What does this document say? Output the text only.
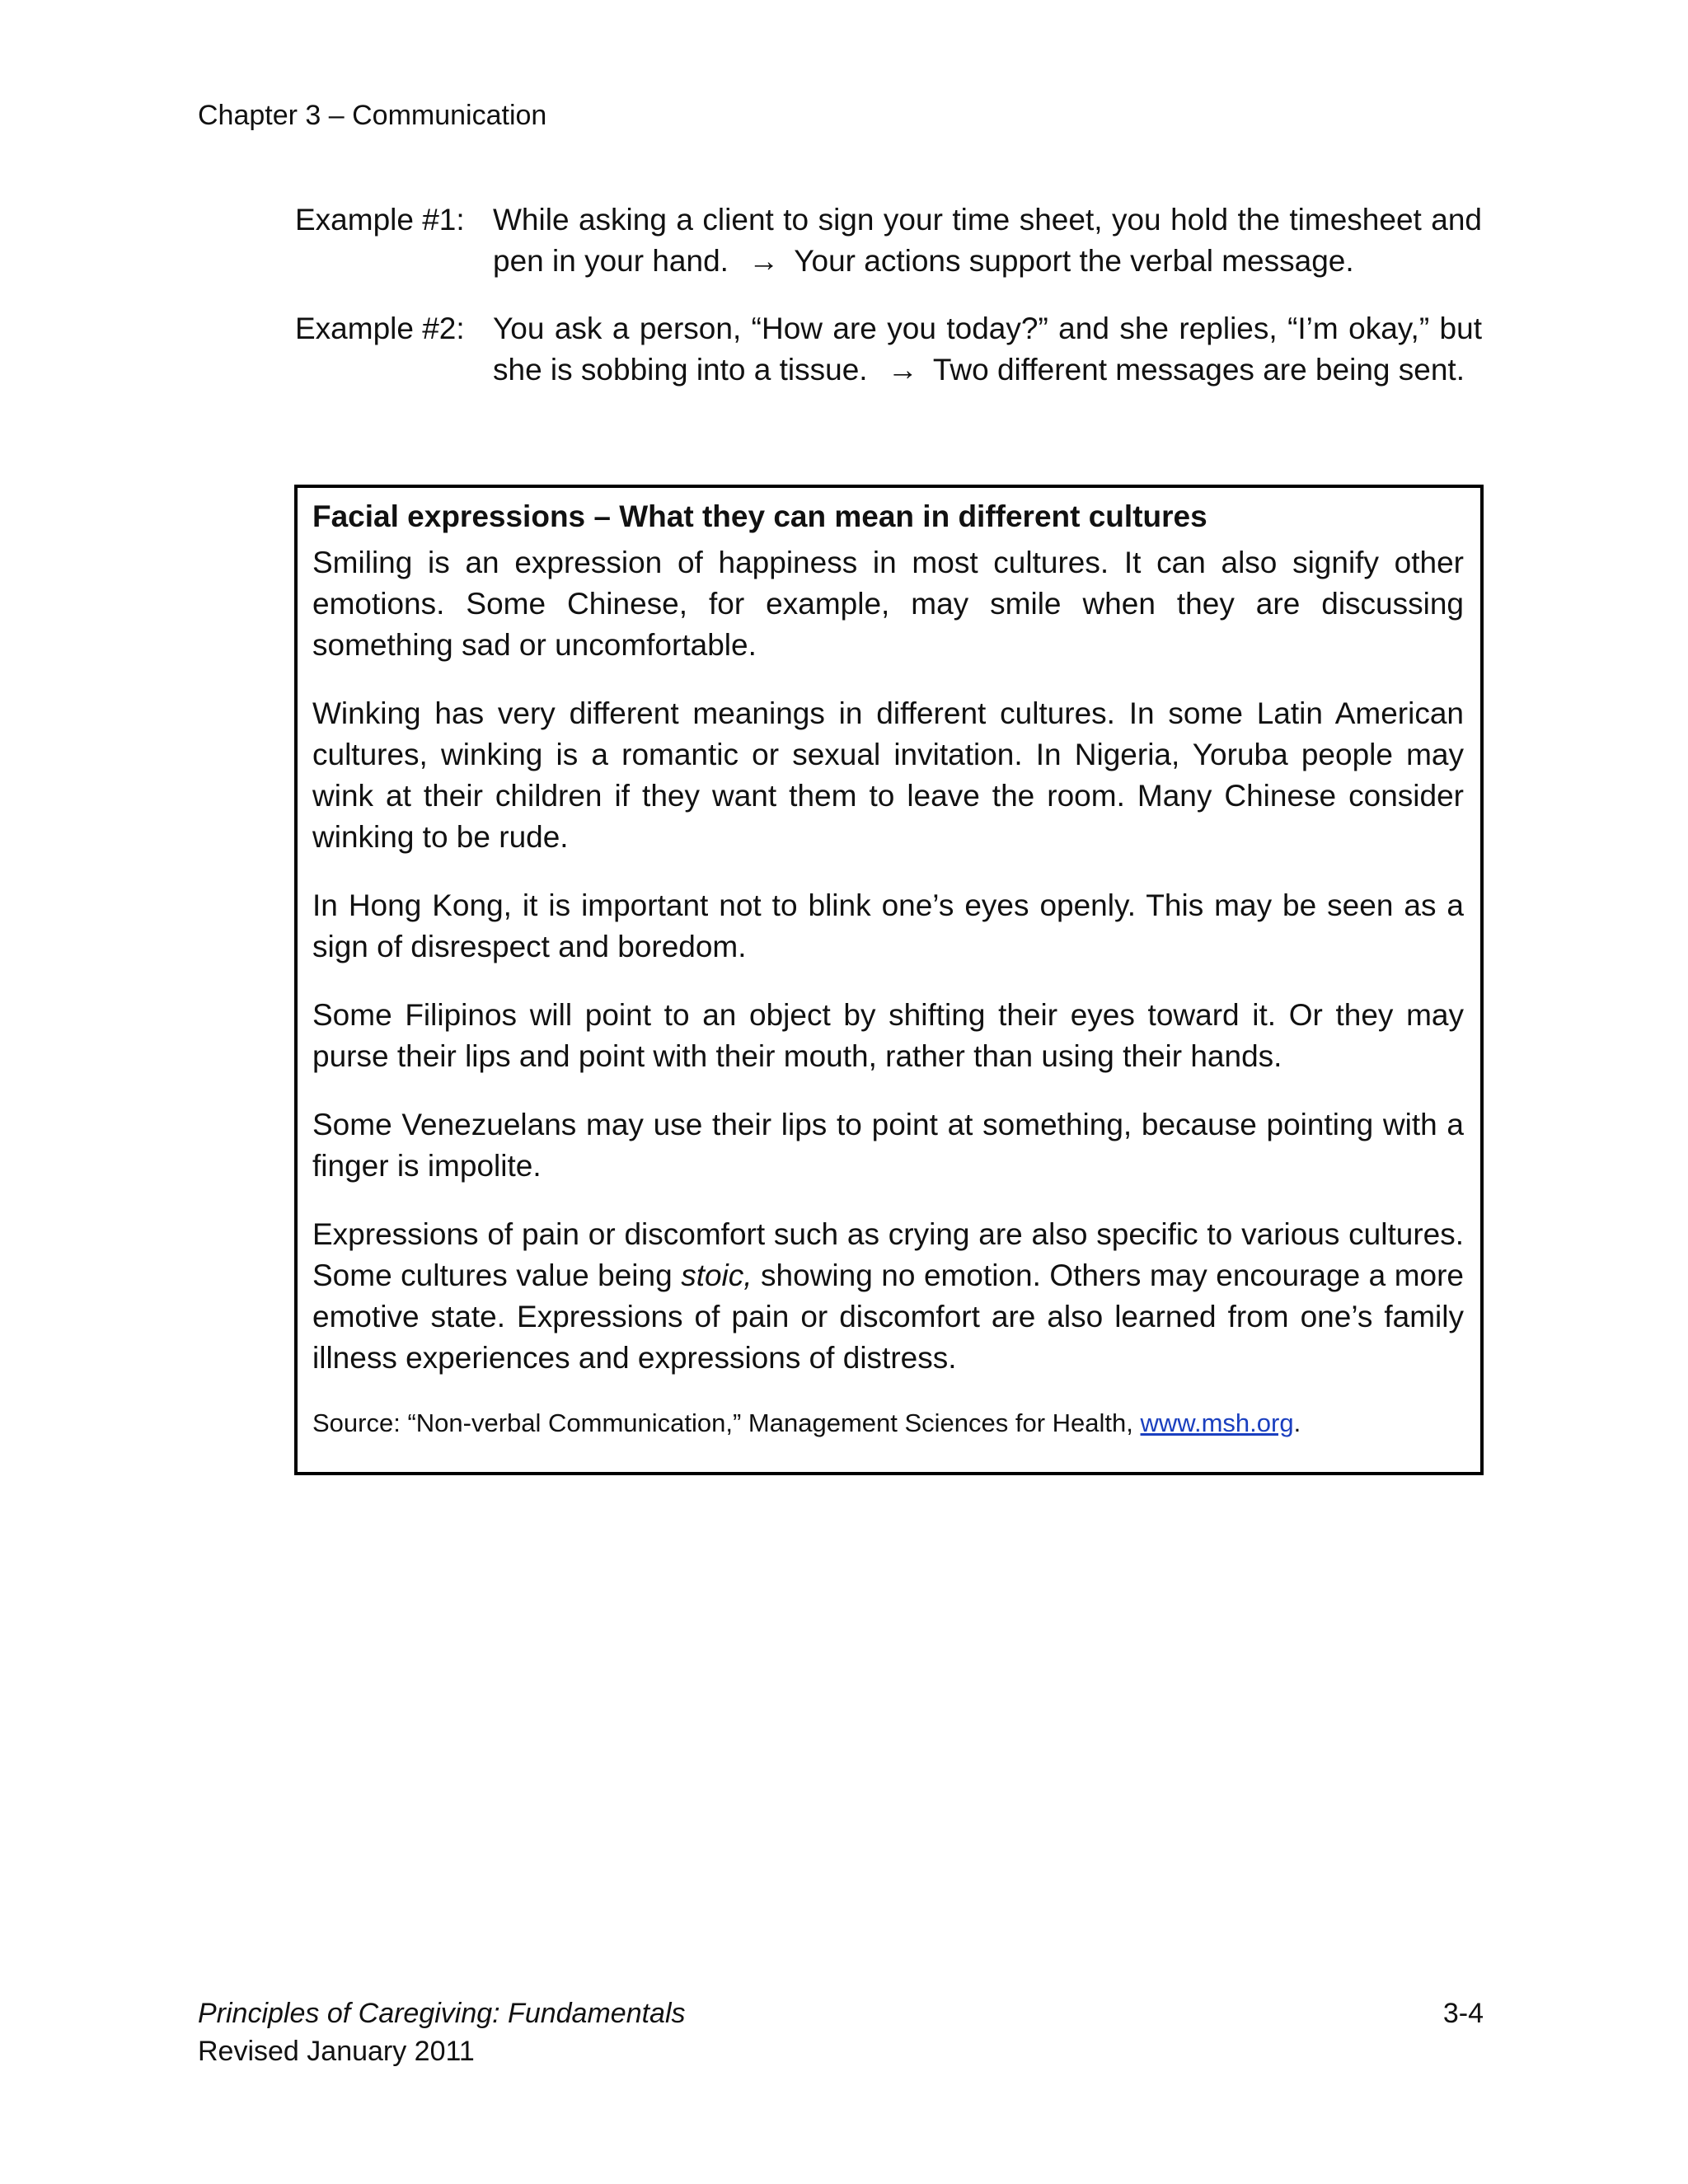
Chapter 3 – Communication
Example #1: While asking a client to sign your time sheet, you hold the timesheet and pen in your hand. → Your actions support the verbal message.
Example #2: You ask a person, “How are you today?” and she replies, “I’m okay,” but she is sobbing into a tissue. → Two different messages are being sent.
Facial expressions – What they can mean in different cultures

Smiling is an expression of happiness in most cultures. It can also signify other emotions. Some Chinese, for example, may smile when they are discussing something sad or uncomfortable.

Winking has very different meanings in different cultures. In some Latin American cultures, winking is a romantic or sexual invitation. In Nigeria, Yoruba people may wink at their children if they want them to leave the room. Many Chinese consider winking to be rude.

In Hong Kong, it is important not to blink one’s eyes openly. This may be seen as a sign of disrespect and boredom.

Some Filipinos will point to an object by shifting their eyes toward it. Or they may purse their lips and point with their mouth, rather than using their hands.

Some Venezuelans may use their lips to point at something, because pointing with a finger is impolite.

Expressions of pain or discomfort such as crying are also specific to various cultures. Some cultures value being stoic, showing no emotion. Others may encourage a more emotive state. Expressions of pain or discomfort are also learned from one’s family illness experiences and expressions of distress.

Source: “Non-verbal Communication,” Management Sciences for Health, www.msh.org.
Principles of Caregiving: Fundamentals	3-4
Revised January 2011
